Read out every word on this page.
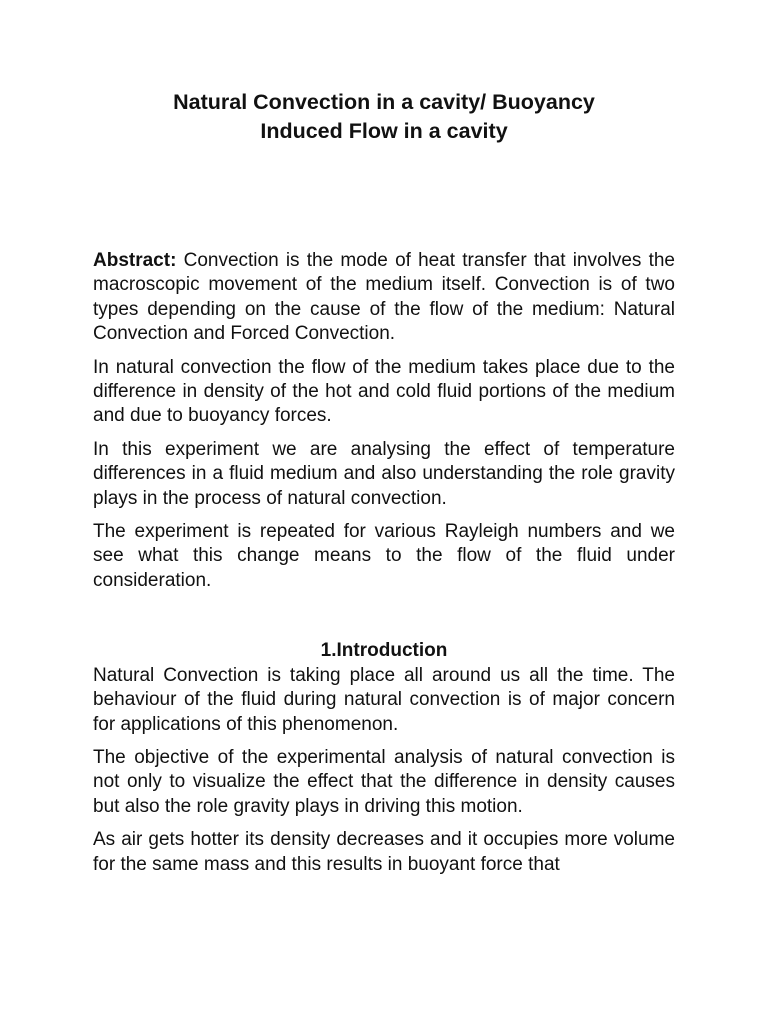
Natural Convection in a cavity/ Buoyancy
Induced Flow in a cavity

Abstract: Convection is the mode of heat transfer that involves the macroscopic movement of the medium itself. Convection is of two types depending on the cause of the flow of the medium: Natural Convection and Forced Convection.

In natural convection the flow of the medium takes place due to the difference in density of the hot and cold fluid portions of the medium and due to buoyancy forces.

In this experiment we are analysing the effect of temperature differences in a fluid medium and also understanding the role gravity plays in the process of natural convection.

The experiment is repeated for various Rayleigh numbers and we see what this change means to the flow of the fluid under consideration.

1.Introduction

Natural Convection is taking place all around us all the time. The behaviour of the fluid during natural convection is of major concern for applications of this phenomenon.

The objective of the experimental analysis of natural convection is not only to visualize the effect that the difference in density causes but also the role gravity plays in driving this motion.

As air gets hotter its density decreases and it occupies more volume for the same mass and this results in buoyant force that
